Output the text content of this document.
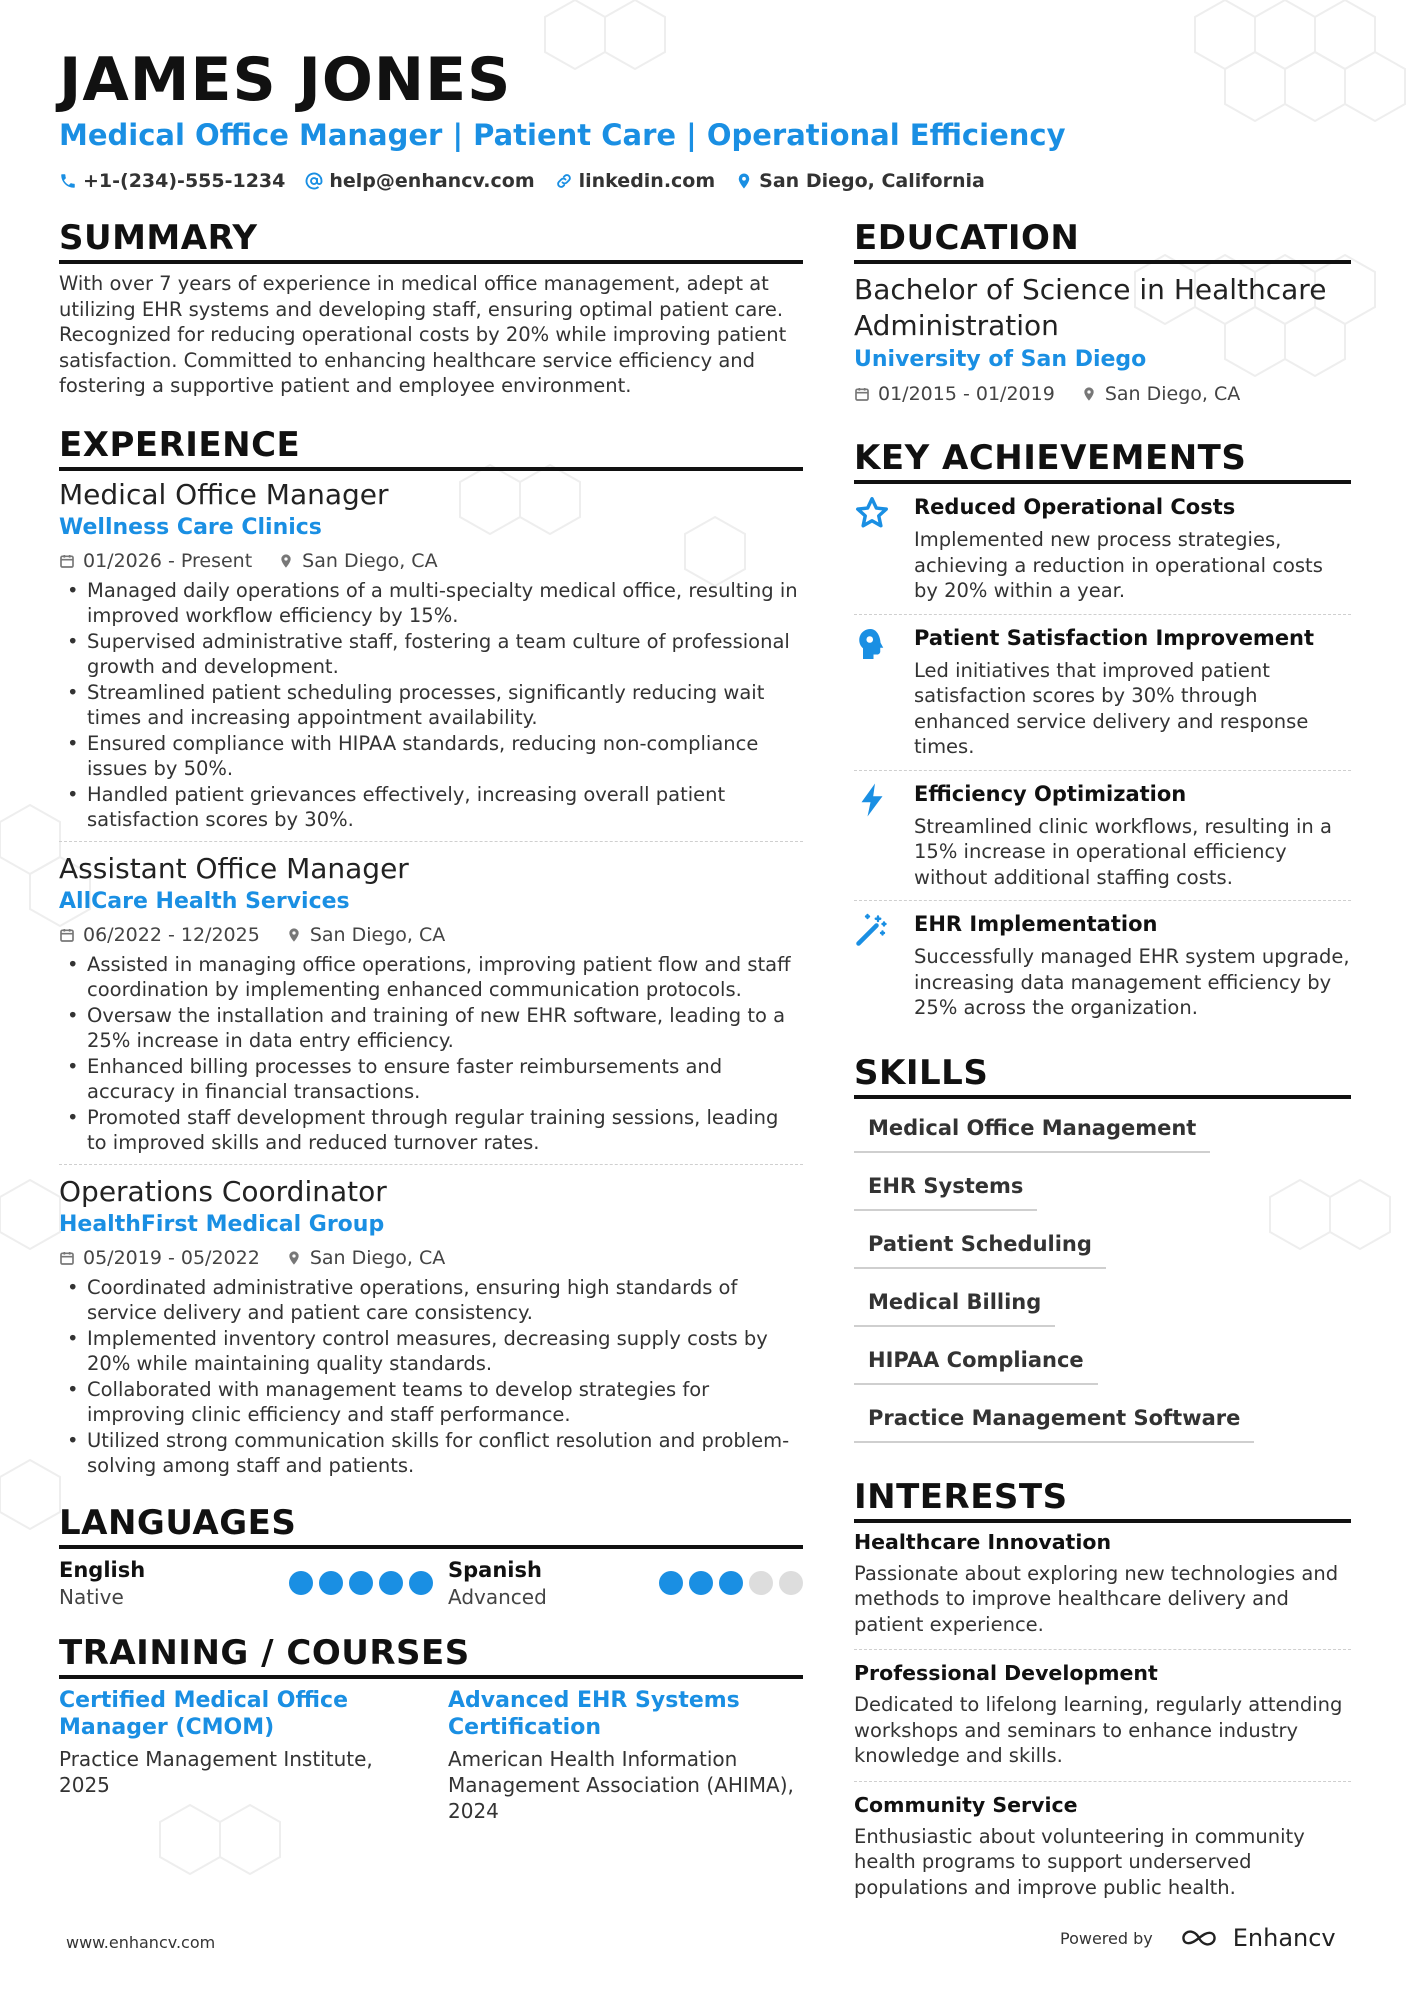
JAMES JONES
Medical Office Manager | Patient Care | Operational Efficiency
+1-(234)-555-1234 help@enhancv.com linkedin.com San Diego, California
SUMMARY
With over 7 years of experience in medical office management, adept at utilizing EHR systems and developing staff, ensuring optimal patient care. Recognized for reducing operational costs by 20% while improving patient satisfaction. Committed to enhancing healthcare service efficiency and fostering a supportive patient and employee environment.
EXPERIENCE
Medical Office Manager
Wellness Care Clinics
01/2026 - Present	San Diego, CA
• Managed daily operations of a multi-specialty medical office, resulting in improved workflow efficiency by 15%.
• Supervised administrative staff, fostering a team culture of professional growth and development.
• Streamlined patient scheduling processes, significantly reducing wait times and increasing appointment availability.
• Ensured compliance with HIPAA standards, reducing non-compliance issues by 50%.
• Handled patient grievances effectively, increasing overall patient satisfaction scores by 30%.
Assistant Office Manager
AllCare Health Services
06/2022 - 12/2025	San Diego, CA
• Assisted in managing office operations, improving patient flow and staff coordination by implementing enhanced communication protocols.
• Oversaw the installation and training of new EHR software, leading to a 25% increase in data entry efficiency.
• Enhanced billing processes to ensure faster reimbursements and accuracy in financial transactions.
• Promoted staff development through regular training sessions, leading to improved skills and reduced turnover rates.
Operations Coordinator
HealthFirst Medical Group
05/2019 - 05/2022	San Diego, CA
• Coordinated administrative operations, ensuring high standards of service delivery and patient care consistency.
• Implemented inventory control measures, decreasing supply costs by 20% while maintaining quality standards.
• Collaborated with management teams to develop strategies for improving clinic efficiency and staff performance.
• Utilized strong communication skills for conflict resolution and problem-solving among staff and patients.
LANGUAGES
English
Native
Spanish
Advanced
TRAINING / COURSES
Certified Medical Office Manager (CMOM)
Practice Management Institute, 2025
Advanced EHR Systems Certification
American Health Information Management Association (AHIMA), 2024
EDUCATION
Bachelor of Science in Healthcare Administration
University of San Diego
01/2015 - 01/2019	San Diego, CA
KEY ACHIEVEMENTS
Reduced Operational Costs
Implemented new process strategies, achieving a reduction in operational costs by 20% within a year.
Patient Satisfaction Improvement
Led initiatives that improved patient satisfaction scores by 30% through enhanced service delivery and response times.
Efficiency Optimization
Streamlined clinic workflows, resulting in a 15% increase in operational efficiency without additional staffing costs.
EHR Implementation
Successfully managed EHR system upgrade, increasing data management efficiency by 25% across the organization.
SKILLS
Medical Office Management
EHR Systems
Patient Scheduling
Medical Billing
HIPAA Compliance
Practice Management Software
INTERESTS
Healthcare Innovation
Passionate about exploring new technologies and methods to improve healthcare delivery and patient experience.
Professional Development
Dedicated to lifelong learning, regularly attending workshops and seminars to enhance industry knowledge and skills.
Community Service
Enthusiastic about volunteering in community health programs to support underserved populations and improve public health.
www.enhancv.com	Powered by	Enhancv
